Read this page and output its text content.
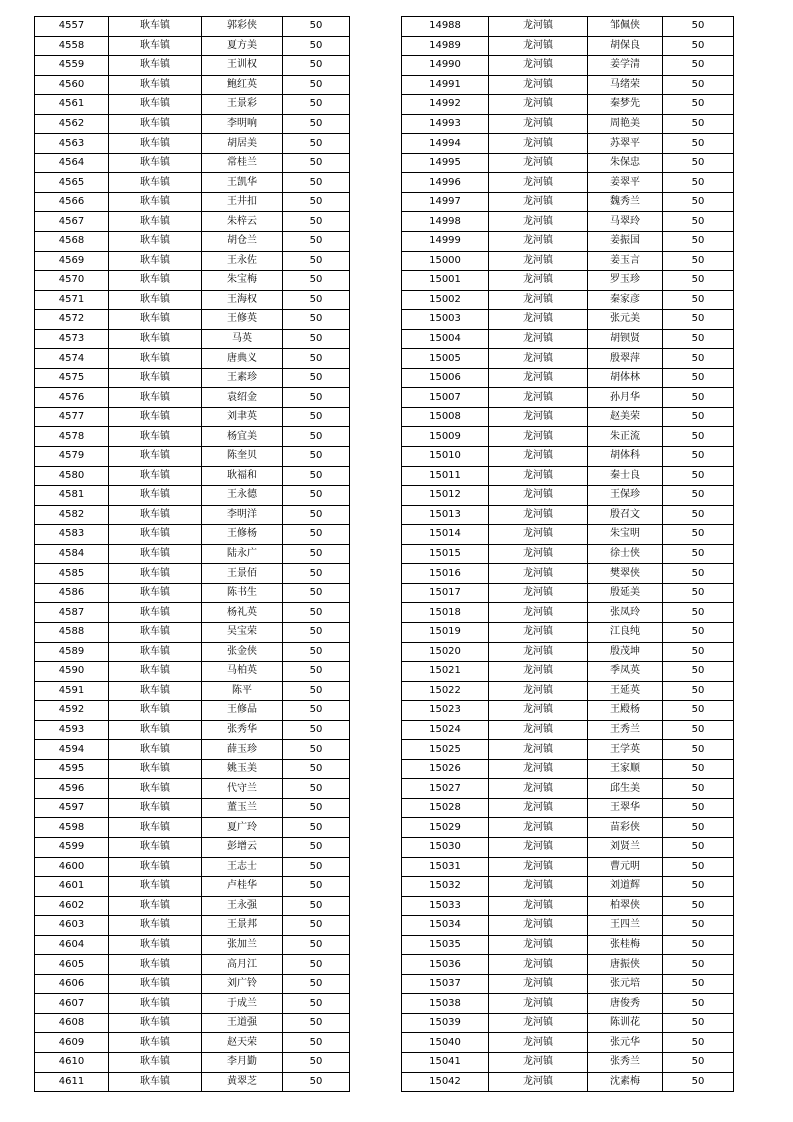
4557	耿车镇	郭彩侠	50
4558	耿车镇	夏方美	50
4559	耿车镇	王训权	50
4560	耿车镇	鲍红英	50
4561	耿车镇	王景彩	50
4562	耿车镇	李明响	50
4563	耿车镇	胡居美	50
4564	耿车镇	常桂兰	50
4565	耿车镇	王凯华	50
4566	耿车镇	王井扣	50
4567	耿车镇	朱梓云	50
4568	耿车镇	胡仓兰	50
4569	耿车镇	王永佐	50
4570	耿车镇	朱宝梅	50
4571	耿车镇	王海权	50
4572	耿车镇	王修英	50
4573	耿车镇	马英	50
4574	耿车镇	唐典义	50
4575	耿车镇	王素珍	50
4576	耿车镇	袁绍金	50
4577	耿车镇	刘聿英	50
4578	耿车镇	杨宜美	50
4579	耿车镇	陈奎贝	50
4580	耿车镇	耿福和	50
4581	耿车镇	王永德	50
4582	耿车镇	李明洋	50
4583	耿车镇	王修杨	50
4584	耿车镇	陆永广	50
4585	耿车镇	王景佰	50
4586	耿车镇	陈书生	50
4587	耿车镇	杨礼英	50
4588	耿车镇	吴宝荣	50
4589	耿车镇	张金侠	50
4590	耿车镇	马柏英	50
4591	耿车镇	陈平	50
4592	耿车镇	王修品	50
4593	耿车镇	张秀华	50
4594	耿车镇	薛玉珍	50
4595	耿车镇	姚玉美	50
4596	耿车镇	代守兰	50
4597	耿车镇	董玉兰	50
4598	耿车镇	夏广玲	50
4599	耿车镇	彭增云	50
4600	耿车镇	王志士	50
4601	耿车镇	卢桂华	50
4602	耿车镇	王永强	50
4603	耿车镇	王景邦	50
4604	耿车镇	张加兰	50
4605	耿车镇	高月江	50
4606	耿车镇	刘广铃	50
4607	耿车镇	于成兰	50
4608	耿车镇	王道强	50
4609	耿车镇	赵天荣	50
4610	耿车镇	李月勤	50
4611	耿车镇	黄翠芝	50
14988	龙河镇	邹佩侠	50
14989	龙河镇	胡保良	50
14990	龙河镇	姜学清	50
14991	龙河镇	马绪荣	50
14992	龙河镇	秦梦先	50
14993	龙河镇	周艳美	50
14994	龙河镇	苏翠平	50
14995	龙河镇	朱保忠	50
14996	龙河镇	姜翠平	50
14997	龙河镇	魏秀兰	50
14998	龙河镇	马翠玲	50
14999	龙河镇	姜振国	50
15000	龙河镇	姜玉言	50
15001	龙河镇	罗玉珍	50
15002	龙河镇	秦家彦	50
15003	龙河镇	张元美	50
15004	龙河镇	胡钡贤	50
15005	龙河镇	殷翠萍	50
15006	龙河镇	胡体林	50
15007	龙河镇	孙月华	50
15008	龙河镇	赵美荣	50
15009	龙河镇	朱正流	50
15010	龙河镇	胡体科	50
15011	龙河镇	秦士良	50
15012	龙河镇	王保珍	50
15013	龙河镇	殷召文	50
15014	龙河镇	朱宝明	50
15015	龙河镇	徐士侠	50
15016	龙河镇	樊翠侠	50
15017	龙河镇	殷延美	50
15018	龙河镇	张凤玲	50
15019	龙河镇	江良纯	50
15020	龙河镇	殷茂坤	50
15021	龙河镇	季凤英	50
15022	龙河镇	王延英	50
15023	龙河镇	王殿杨	50
15024	龙河镇	王秀兰	50
15025	龙河镇	王学英	50
15026	龙河镇	王家顺	50
15027	龙河镇	邱生美	50
15028	龙河镇	王翠华	50
15029	龙河镇	苗彩侠	50
15030	龙河镇	刘贤兰	50
15031	龙河镇	曹元明	50
15032	龙河镇	刘道辉	50
15033	龙河镇	柏翠侠	50
15034	龙河镇	王四兰	50
15035	龙河镇	张桂梅	50
15036	龙河镇	唐振侠	50
15037	龙河镇	张元培	50
15038	龙河镇	唐俊秀	50
15039	龙河镇	陈训花	50
15040	龙河镇	张元华	50
15041	龙河镇	张秀兰	50
15042	龙河镇	沈素梅	50
